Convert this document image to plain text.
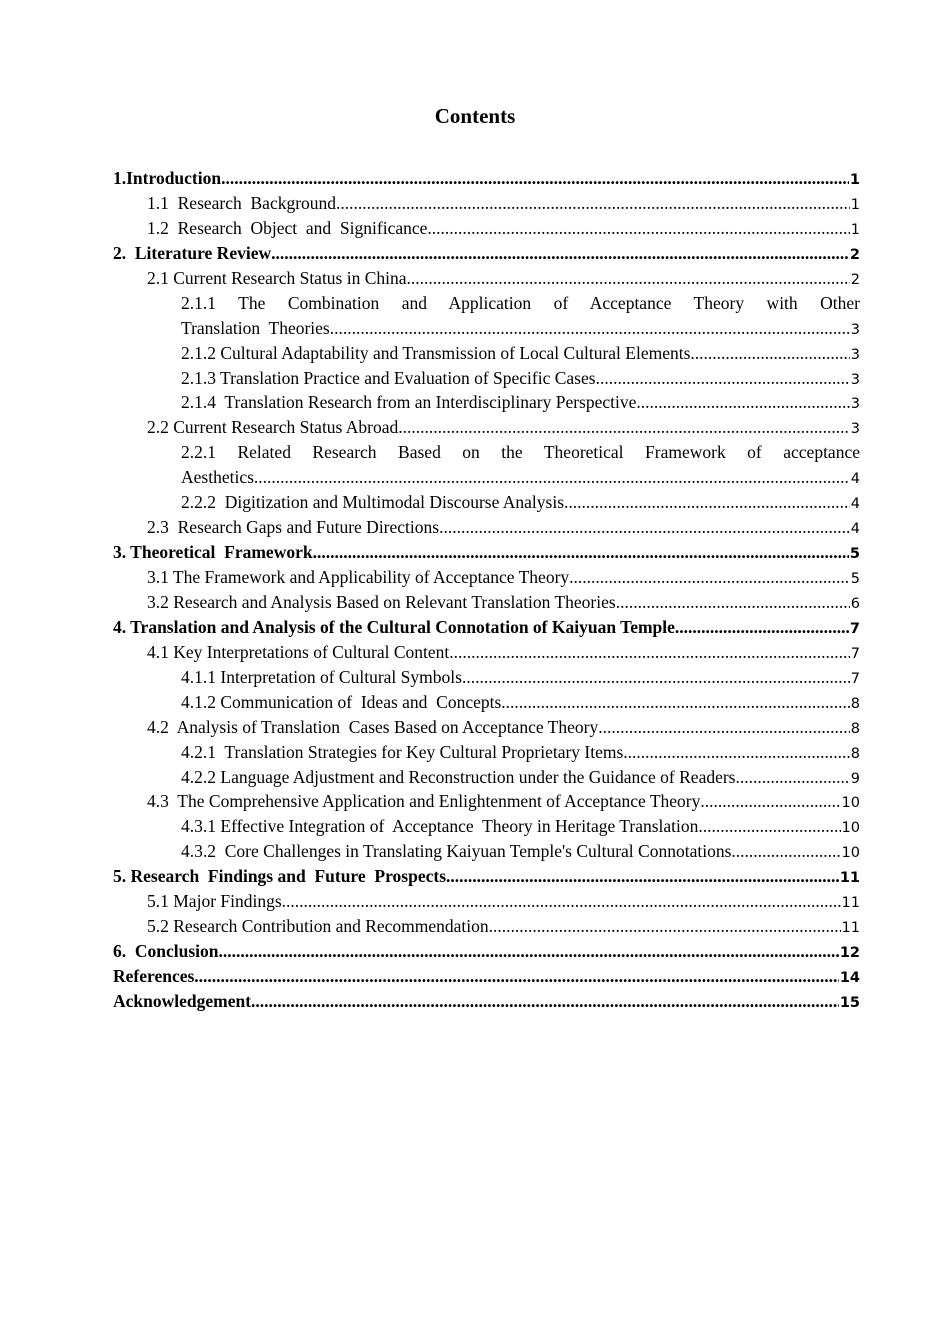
Contents
1.Introduction .....	1
1.1  Research  Background .....	1
1.2  Research  Object  and  Significance .....	1
2.  Literature Review .....	2
2.1 Current Research Status in China .....	2
2.1.1 The Combination and Application of Acceptance Theory with Other
Translation  Theories .....	3
2.1.2 Cultural Adaptability and Transmission of Local Cultural Elements .....	3
2.1.3 Translation Practice and Evaluation of Specific Cases .....	3
2.1.4  Translation Research from an Interdisciplinary Perspective .....	3
2.2 Current Research Status Abroad .....	3
2.2.1 Related Research Based on the Theoretical Framework of acceptance
Aesthetics .....	4
2.2.2  Digitization and Multimodal Discourse Analysis .....	4
2.3  Research Gaps and Future Directions .....	4
3. Theoretical  Framework .....	5
3.1 The Framework and Applicability of Acceptance Theory .....	5
3.2 Research and Analysis Based on Relevant Translation Theories .....	6
4. Translation and Analysis of the Cultural Connotation of Kaiyuan Temple .....	7
4.1 Key Interpretations of Cultural Content .....	7
4.1.1 Interpretation of Cultural Symbols .....	7
4.1.2 Communication of  Ideas and  Concepts .....	8
4.2  Analysis of Translation  Cases Based on Acceptance Theory .....	8
4.2.1  Translation Strategies for Key Cultural Proprietary Items .....	8
4.2.2 Language Adjustment and Reconstruction under the Guidance of Readers .....	9
4.3  The Comprehensive Application and Enlightenment of Acceptance Theory .....	10
4.3.1 Effective Integration of  Acceptance  Theory in Heritage Translation .....	10
4.3.2  Core Challenges in Translating Kaiyuan Temple's Cultural Connotations .....	10
5. Research  Findings and  Future  Prospects .....	11
5.1 Major Findings .....	11
5.2 Research Contribution and Recommendation .....	11
6.  Conclusion .....	12
References .....	14
Acknowledgement .....	15
